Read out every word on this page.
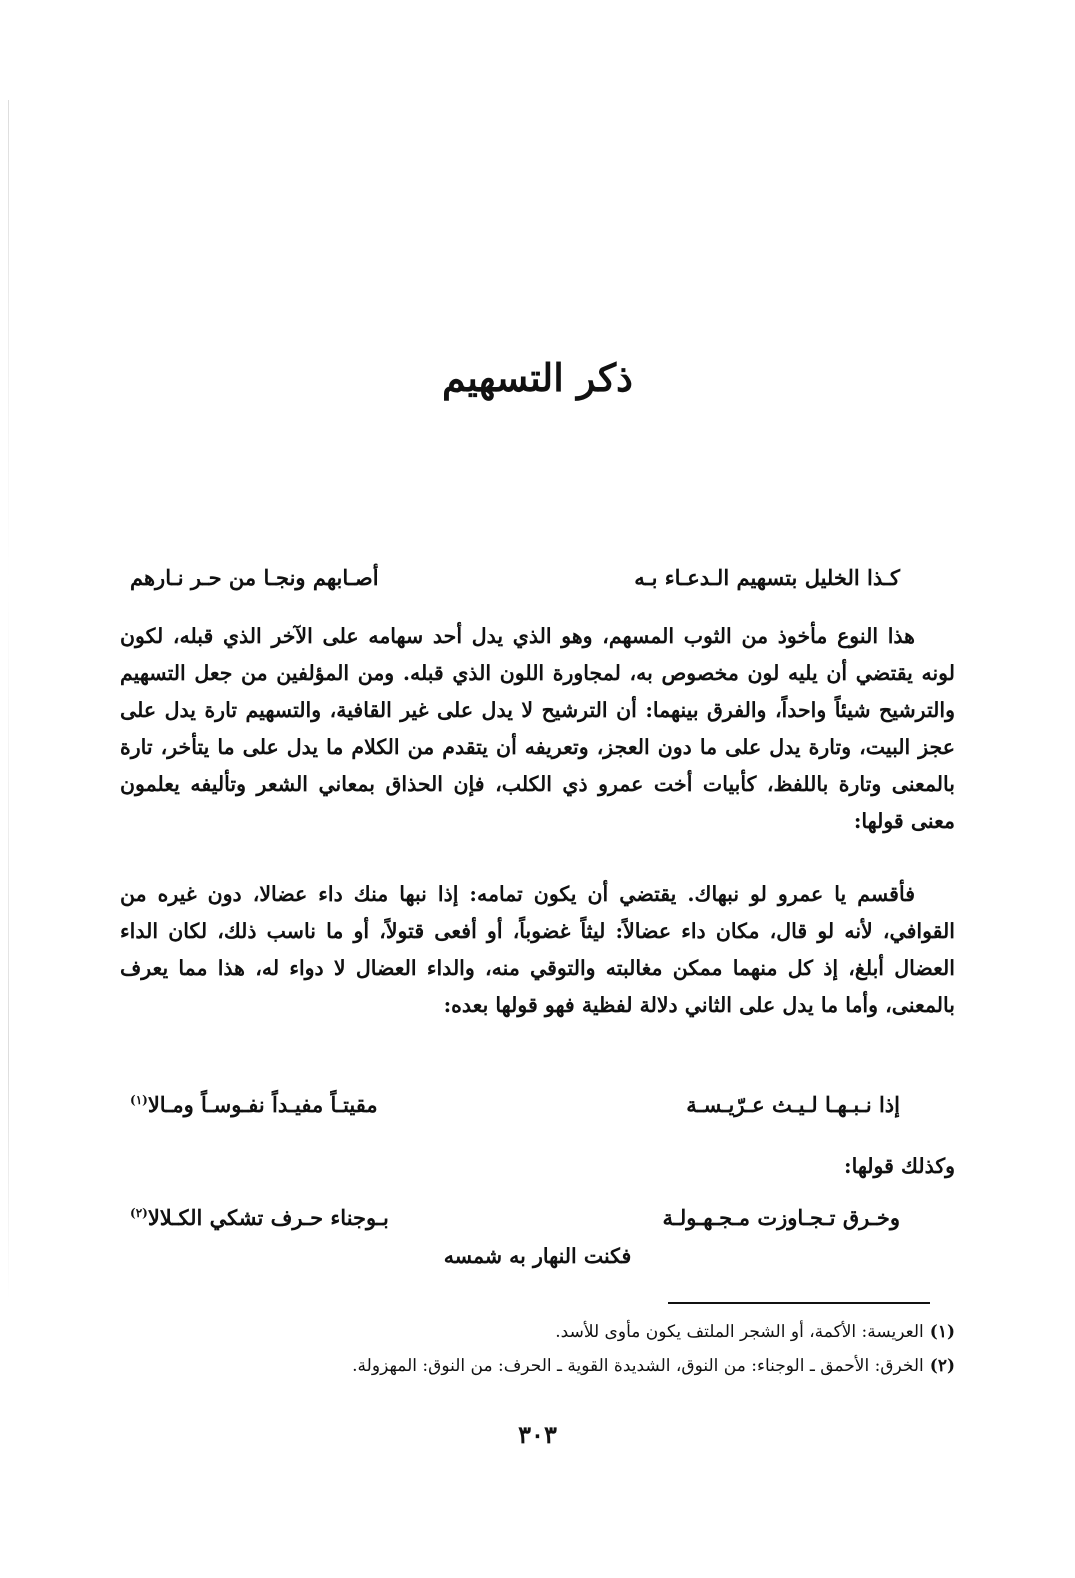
ذكر التسهيم
كـذا الخليل بتسهيم الـدعـاء بـه
أصـابهم ونجـا من حـر نـارهم
هذا النوع مأخوذ من الثوب المسهم، وهو الذي يدل أحد سهامه على الآخر الذي قبله، لكون لونه يقتضي أن يليه لون مخصوص به، لمجاورة اللون الذي قبله. ومن المؤلفين من جعل التسهيم والترشيح شيئاً واحداً، والفرق بينهما: أن الترشيح لا يدل على غير القافية، والتسهيم تارة يدل على عجز البيت، وتارة يدل على ما دون العجز، وتعريفه أن يتقدم من الكلام ما يدل على ما يتأخر، تارة بالمعنى وتارة باللفظ، كأبيات أخت عمرو ذي الكلب، فإن الحذاق بمعاني الشعر وتأليفه يعلمون معنى قولها:
فأقسم يا عمرو لو نبهاك. يقتضي أن يكون تمامه: إذا نبها منك داء عضالا، دون غيره من القوافي، لأنه لو قال، مكان داء عضالاً: ليثاً غضوباً، أو أفعى قتولاً، أو ما ناسب ذلك، لكان الداء العضال أبلغ، إذ كل منهما ممكن مغالبته والتوقي منه، والداء العضال لا دواء له، هذا مما يعرف بالمعنى، وأما ما يدل على الثاني دلالة لفظية فهو قولها بعده:
إذا نـبـهـا لـيـث عـرّيـسـة
مقيتـاً مفيـداً نفـوسـاً ومـالا$^{(١)}$
وكذلك قولها:
وخـرق تـجـاوزت مـجـهـولـة
بـوجناء حـرف تشكي الكـلالا$^{(٢)}$
فكنت النهار به شمسه
(١)العريسة: الأكمة، أو الشجر الملتف يكون مأوى للأسد.
(٢)الخرق: الأحمق ـ الوجناء: من النوق، الشديدة القوية ـ الحرف: من النوق: المهزولة.
٣٠٣
